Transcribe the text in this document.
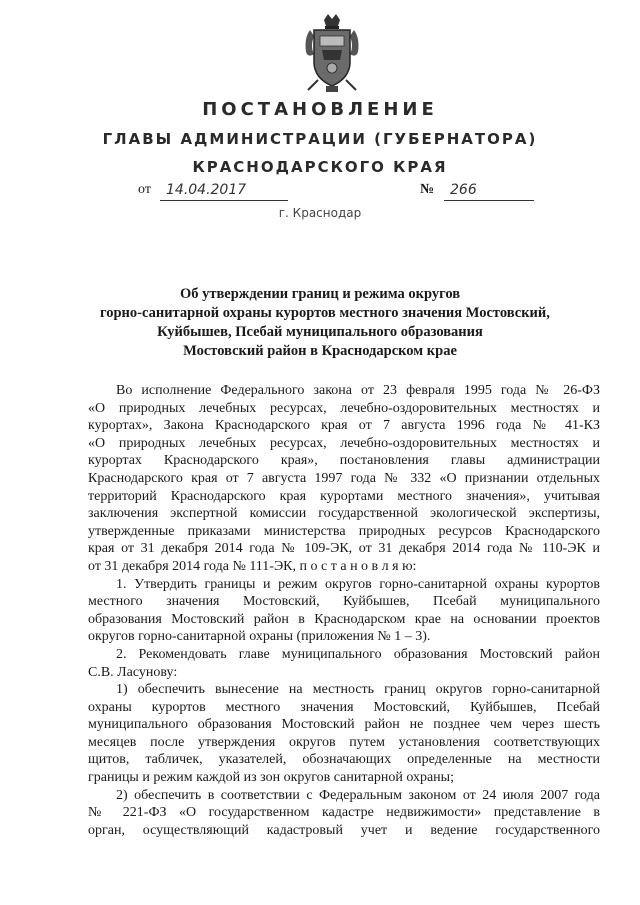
ПОСТАНОВЛЕНИЕ
ГЛАВЫ АДМИНИСТРАЦИИ (ГУБЕРНАТОРА)
КРАСНОДАРСКОГО КРАЯ
от	14.04.2017	№	266
г. Краснодар
Об утверждении границ и режима округов
горно-санитарной охраны курортов местного значения Мостовский,
Куйбышев, Псебай муниципального образования
Мостовский район в Краснодарском крае

Во исполнение Федерального закона от 23 февраля 1995 года № 26-ФЗ

«О природных лечебных ресурсах, лечебно-оздоровительных местностях и

курортах», Закона Краснодарского края от 7 августа 1996 года № 41-КЗ

«О природных лечебных ресурсах, лечебно-оздоровительных местностях и

курортах Краснодарского края», постановления главы администрации

Краснодарского края от 7 августа 1997 года № 332 «О признании отдельных

территорий Краснодарского края курортами местного значения», учитывая

заключения экспертной комиссии государственной экологической экспертизы,

утвержденные приказами министерства природных ресурсов Краснодарского

края от 31 декабря 2014 года № 109-ЭК, от 31 декабря 2014 года № 110-ЭК и

от 31 декабря 2014 года № 111-ЭК, п о с т а н о в л я ю:

1. Утвердить границы и режим округов горно-санитарной охраны курортов

местного значения Мостовский, Куйбышев, Псебай муниципального

образования Мостовский район в Краснодарском крае на основании проектов

округов горно-санитарной охраны (приложения № 1 – 3).

2. Рекомендовать главе муниципального образования Мостовский район

С.В. Ласунову:

1) обеспечить вынесение на местность границ округов горно-санитарной

охраны курортов местного значения Мостовский, Куйбышев, Псебай

муниципального образования Мостовский район не позднее чем через шесть

месяцев после утверждения округов путем установления соответствующих

щитов, табличек, указателей, обозначающих определенные на местности

границы и режим каждой из зон округов санитарной охраны;

2) обеспечить в соответствии с Федеральным законом от 24 июля 2007 года

№ 221-ФЗ «О государственном кадастре недвижимости» представление в

орган, осуществляющий кадастровый учет и ведение государственного
